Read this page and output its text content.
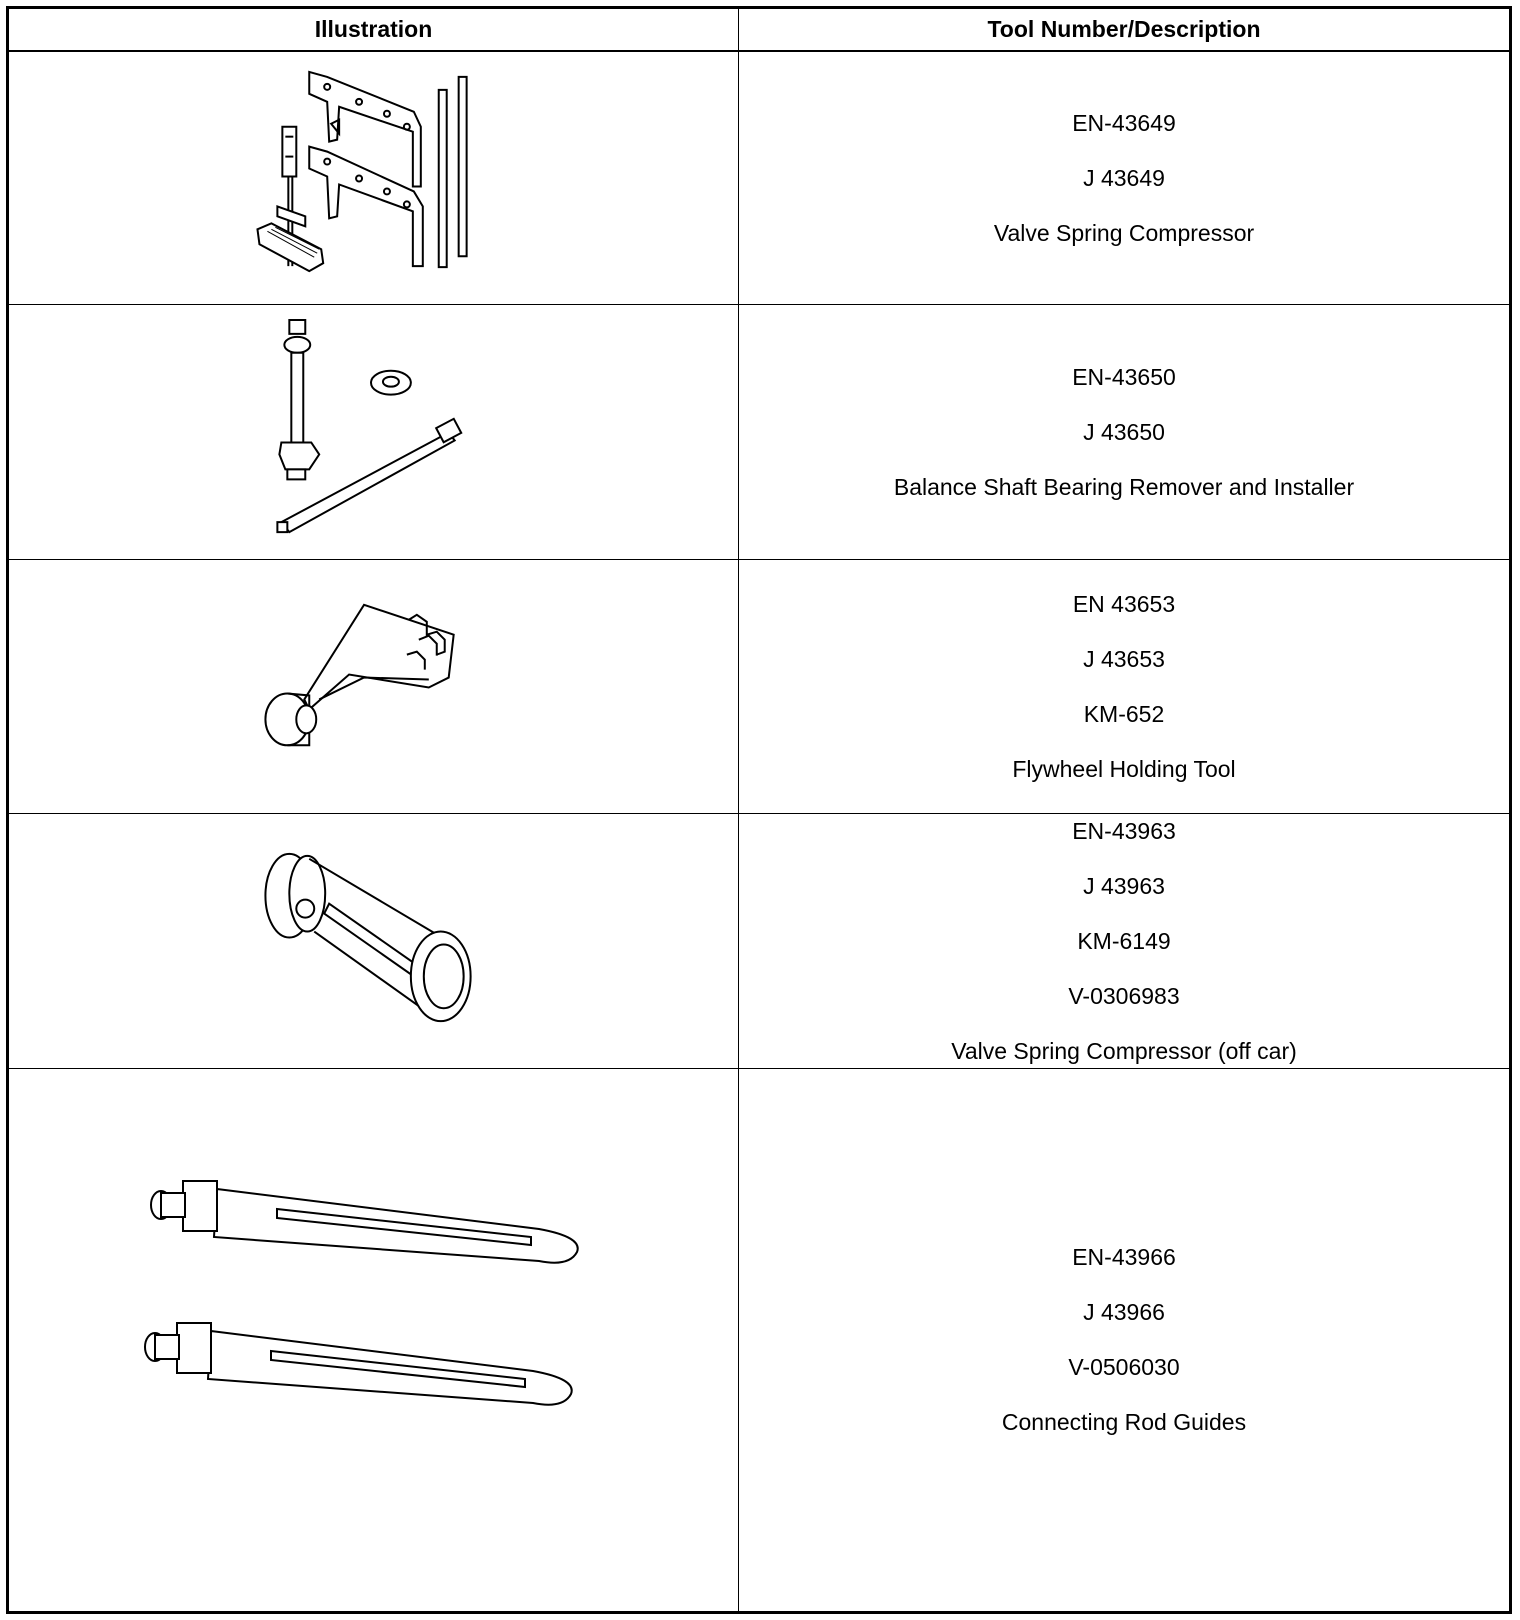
Illustration	Tool Number/Description
EN-43649
J 43649
Valve Spring Compressor
EN-43650
J 43650
Balance Shaft Bearing Remover and Installer
EN 43653
J 43653
KM-652
Flywheel Holding Tool
EN-43963
J 43963
KM-6149
V-0306983
Valve Spring Compressor (off car)
EN-43966
J 43966
V-0506030
Connecting Rod Guides
